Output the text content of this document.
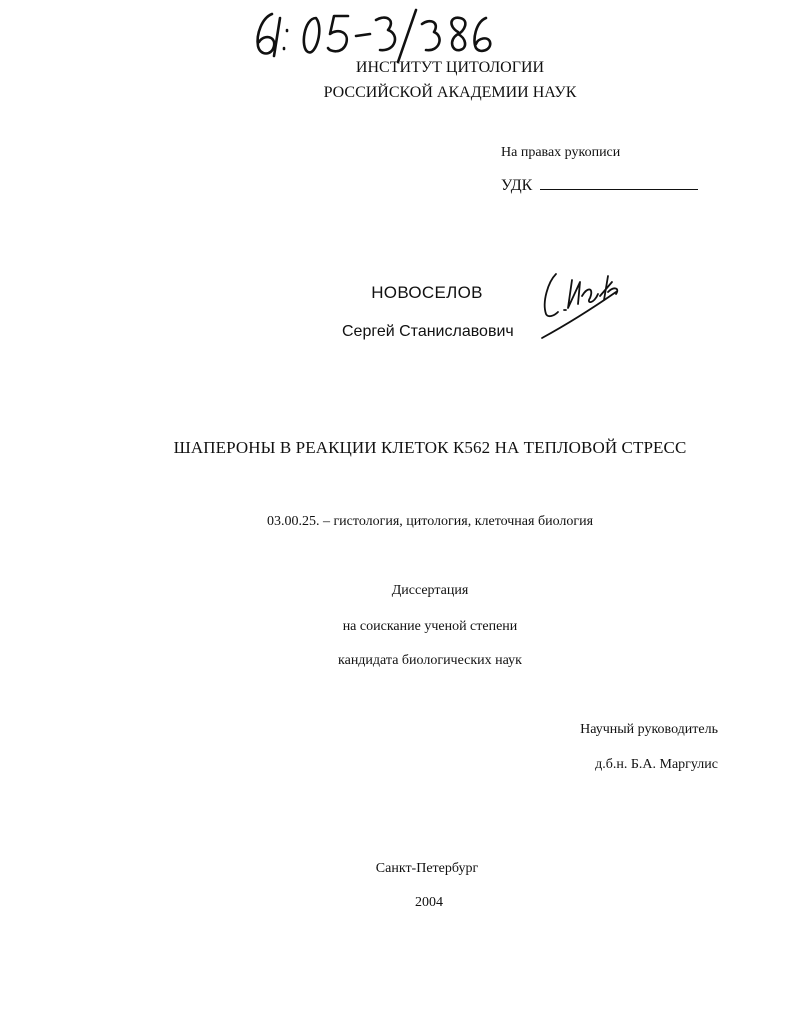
ИНСТИТУТ ЦИТОЛОГИИ
РОССИЙСКОЙ АКАДЕМИИ НАУК
На правах рукописи
УДК
НОВОСЕЛОВ
Сергей Станиславович
ШАПЕРОНЫ В РЕАКЦИИ КЛЕТОК К562 НА ТЕПЛОВОЙ СТРЕСС
03.00.25. – гистология, цитология, клеточная биология
Диссертация
на соискание ученой степени
кандидата биологических наук
Научный руководитель
д.б.н. Б.А. Маргулис
Санкт-Петербург
2004
